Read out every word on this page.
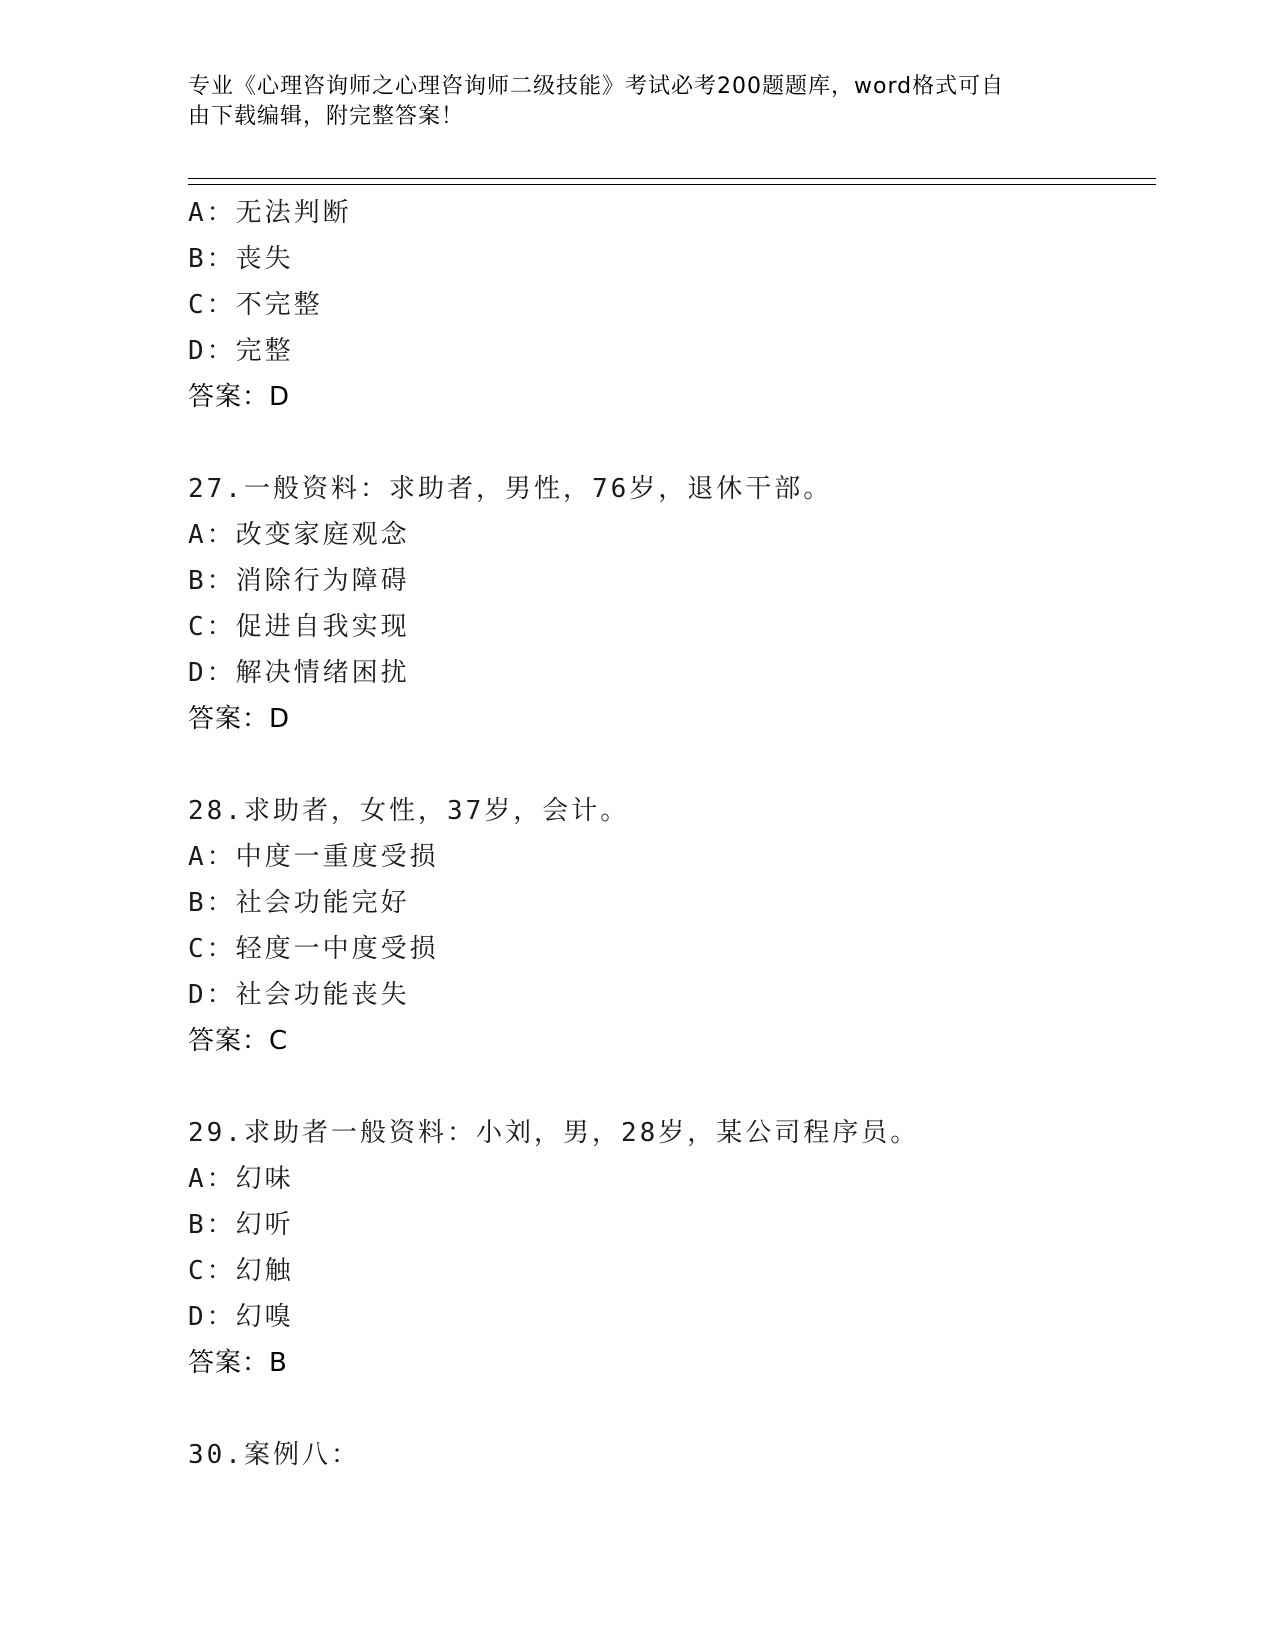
专业《心理咨询师之心理咨询师二级技能》考试必考200题题库，word格式可自
由下载编辑，附完整答案！
A：无法判断
B：丧失
C：不完整
D：完整
答案：D
27.一般资料：求助者，男性，76岁，退休干部。
A：改变家庭观念
B：消除行为障碍
C：促进自我实现
D：解决情绪困扰
答案：D
28.求助者，女性，37岁，会计。
A：中度一重度受损
B：社会功能完好
C：轻度一中度受损
D：社会功能丧失
答案：C
29.求助者一般资料：小刘，男，28岁，某公司程序员。
A：幻味
B：幻听
C：幻触
D：幻嗅
答案：B
30.案例八：
